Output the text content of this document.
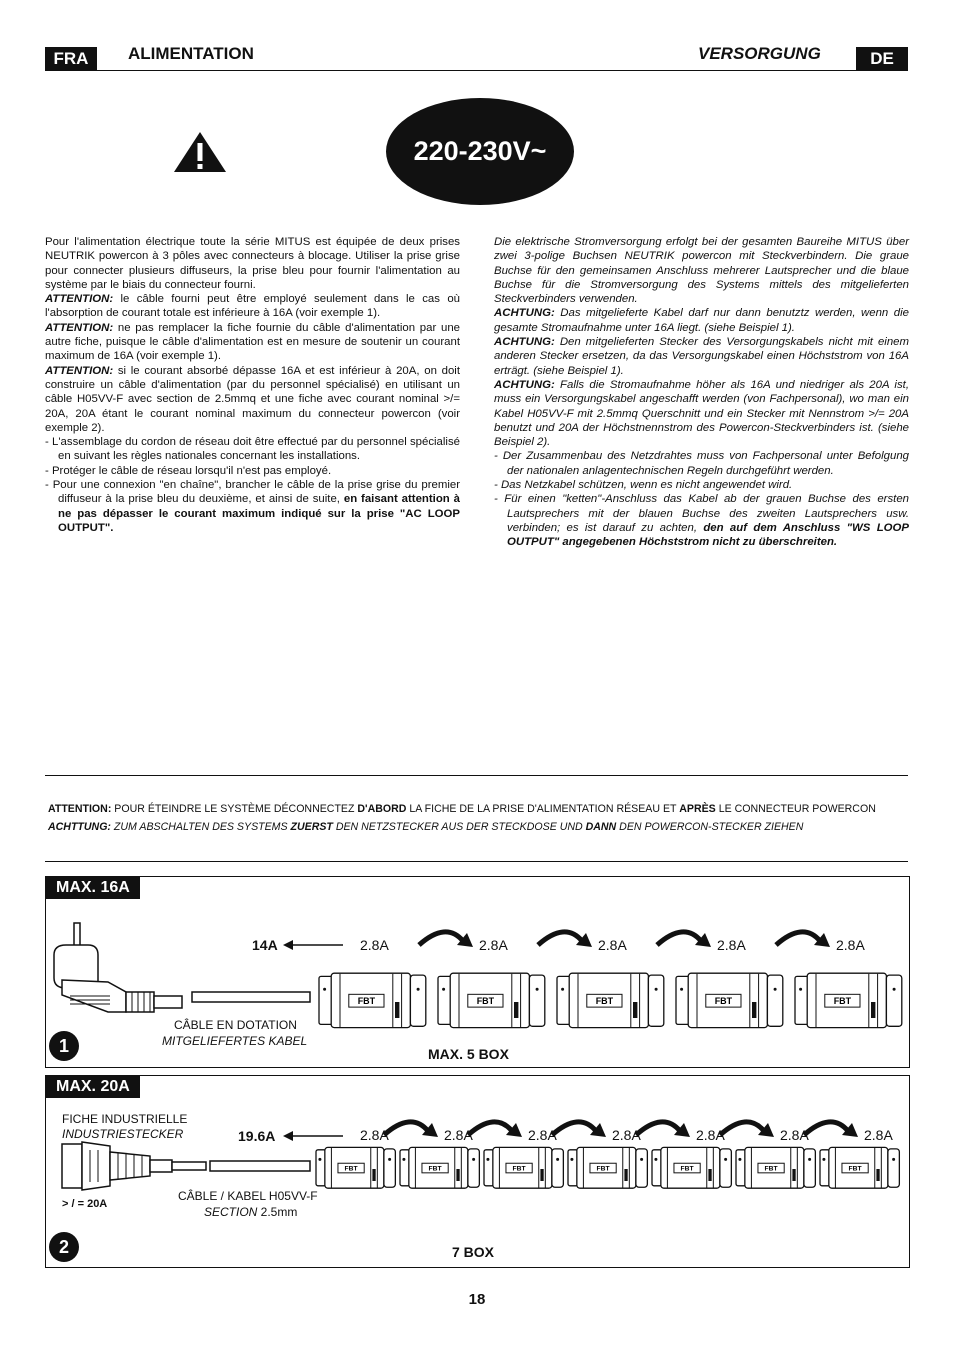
FRA	ALIMENTATION	VERSORGUNG	DE
220-230V~

Pour l'alimentation électrique toute la série MITUS est équipée de deux prises NEUTRIK powercon à 3 pôles avec connecteurs à blocage. Utiliser la prise grise pour connecter plusieurs diffuseurs, la prise bleu pour fournir l'alimentation au système par le biais du connecteur fourni.

ATTENTION: le câble fourni peut être employé seulement dans le cas où l'absorption de courant totale est inférieure à 16A (voir exemple 1).

ATTENTION: ne pas remplacer la fiche fournie du câble d'alimentation par une autre fiche, puisque le câble d'alimentation est en mesure de soutenir un courant maximum de 16A (voir exemple 1).

ATTENTION: si le courant absorbé dépasse 16A et est inférieur à 20A, on doit construire un câble d'alimentation (par du personnel spécialisé) en utilisant un câble H05VV-F avec section de 2.5mmq et une fiche avec courant nominal >/= 20A, 20A étant le courant nominal maximum du connecteur powercon (voir exemple 2).

- L'assemblage du cordon de réseau doit être effectué par du personnel spécialisé en suivant les règles nationales concernant les installations.

- Protéger le câble de réseau lorsqu'il n'est pas employé.

- Pour une connexion "en chaîne", brancher le câble de la prise grise du premier diffuseur à la prise bleu du deuxième, et ainsi de suite, en faisant attention à ne pas dépasser le courant maximum indiqué sur la prise "AC LOOP OUTPUT".

Die elektrische Stromversorgung erfolgt bei der gesamten Baureihe MITUS über zwei 3-polige Buchsen NEUTRIK powercon mit Steckverbindern. Die graue Buchse für den gemeinsamen Anschluss mehrerer Lautsprecher und die blaue Buchse für die Stromversorgung des Systems mittels des mitgelieferten Steckverbinders verwenden.

ACHTUNG: Das mitgelieferte Kabel darf nur dann benutztz werden, wenn die gesamte Stromaufnahme unter 16A liegt. (siehe Beispiel 1).

ACHTUNG: Den mitgelieferten Stecker des Versorgungskabels nicht mit einem anderen Stecker ersetzen, da das Versorgungskabel einen Höchststrom von 16A erträgt. (siehe Beispiel 1).

ACHTUNG: Falls die Stromaufnahme höher als 16A und niedriger als 20A ist, muss ein Versorgungskabel angeschafft werden (von Fachpersonal), wo man ein Kabel H05VV-F mit 2.5mmq Querschnitt und ein Stecker mit Nennstrom >/= 20A benutzt und 20A der Höchstnennstrom des Powercon-Steckverbinders ist. (siehe Beispiel 2).

- Der Zusammenbau des Netzdrahtes muss von Fachpersonal unter Befolgung der nationalen anlagentechnischen Regeln durchgeführt werden.

- Das Netzkabel schützen, wenn es nicht angewendet wird.

- Für einen "ketten"-Anschluss das Kabel ab der grauen Buchse des ersten Lautsprechers mit der blauen Buchse des zweiten Lautsprechers usw. verbinden; es ist darauf zu achten, den auf dem Anschluss "WS LOOP OUTPUT" angegebenen Höchststrom nicht zu überschreiten.

ATTENTION: POUR ÉTEINDRE LE SYSTÈME DÉCONNECTEZ D'ABORD LA FICHE DE LA PRISE D'ALIMENTATION RÉSEAU ET APRÈS LE CONNECTEUR POWERCON
ACHTTUNG: ZUM ABSCHALTEN DES SYSTEMS ZUERST DEN NETZSTECKER AUS DER STECKDOSE UND DANN DEN POWERCON-STECKER ZIEHEN
MAX. 16A
CÂBLE EN DOTATION
MITGELIEFERTES KABEL
14A	2.8A
FBT
2.8A
FBT
2.8A
FBT
2.8A
FBT
2.8A
FBT
1	MAX. 5 BOX
MAX. 20A
FICHE INDUSTRIELLE
INDUSTRIESTECKER	19.6A
> / = 20A
CÂBLE / KABEL H05VV-F
SECTION 2.5mm
2.8A
FBT
2.8A
FBT
2.8A
FBT
2.8A
FBT
2.8A
FBT
2.8A
FBT
2.8A
FBT
2	7 BOX
18
